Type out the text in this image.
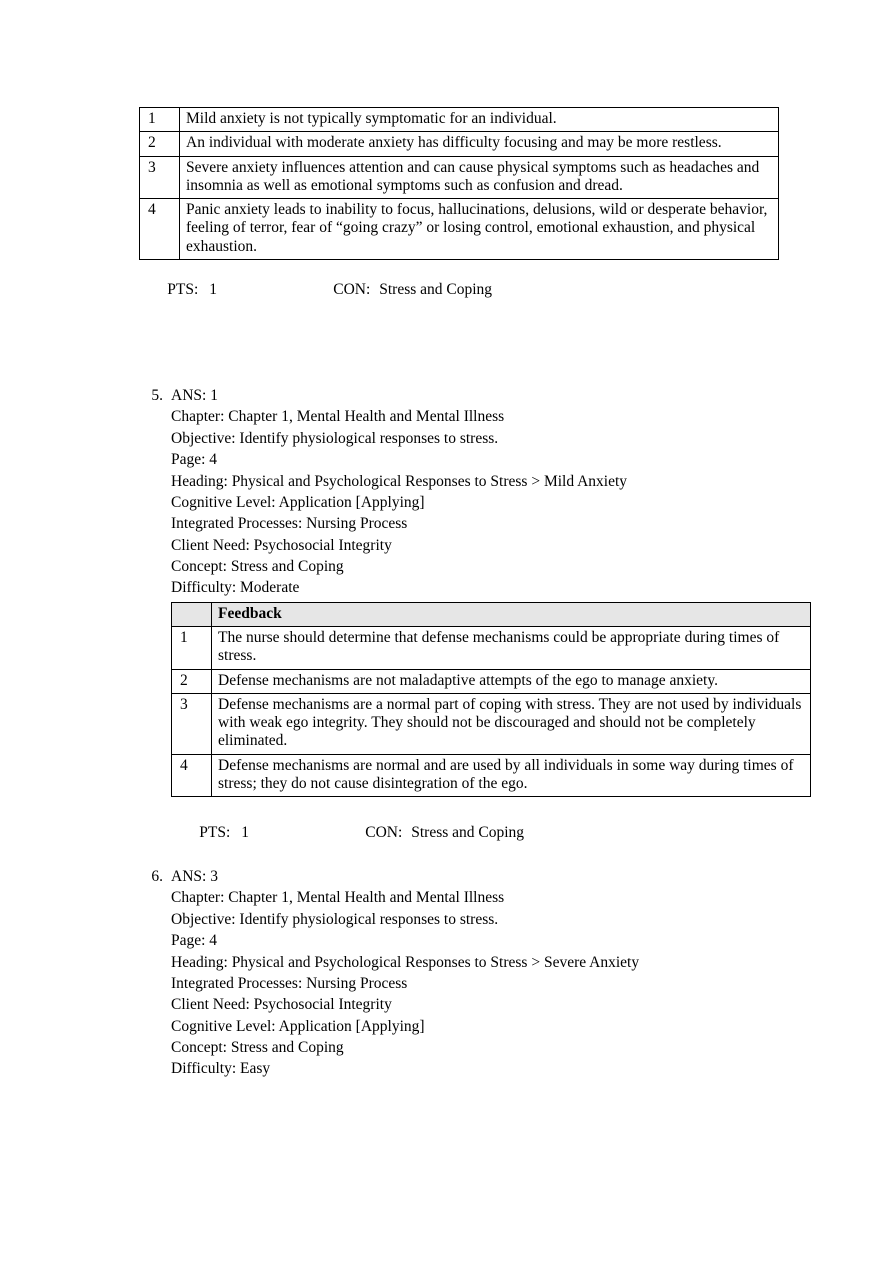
1	Mild anxiety is not typically symptomatic for an individual.
2	An individual with moderate anxiety has difficulty focusing and may be more restless.
3	Severe anxiety influences attention and can cause physical symptoms such as headaches and insomnia as well as emotional symptoms such as confusion and dread.
4	Panic anxiety leads to inability to focus, hallucinations, delusions, wild or desperate behavior, feeling of terror, fear of “going crazy” or losing control, emotional exhaustion, and physical exhaustion.

PTS: 1	CON: Stress and Coping

5. ANS: 1
Chapter: Chapter 1, Mental Health and Mental Illness
Objective: Identify physiological responses to stress.
Page: 4
Heading: Physical and Psychological Responses to Stress > Mild Anxiety
Cognitive Level: Application [Applying]
Integrated Processes: Nursing Process
Client Need: Psychosocial Integrity
Concept: Stress and Coping
Difficulty: Moderate
	Feedback
1	The nurse should determine that defense mechanisms could be appropriate during times of stress.
2	Defense mechanisms are not maladaptive attempts of the ego to manage anxiety.
3	Defense mechanisms are a normal part of coping with stress. They are not used by individuals with weak ego integrity. They should not be discouraged and should not be completely eliminated.
4	Defense mechanisms are normal and are used by all individuals in some way during times of stress; they do not cause disintegration of the ego.

PTS: 1	CON: Stress and Coping

6. ANS: 3
Chapter: Chapter 1, Mental Health and Mental Illness
Objective: Identify physiological responses to stress.
Page: 4
Heading: Physical and Psychological Responses to Stress > Severe Anxiety
Integrated Processes: Nursing Process
Client Need: Psychosocial Integrity
Cognitive Level: Application [Applying]
Concept: Stress and Coping
Difficulty: Easy
